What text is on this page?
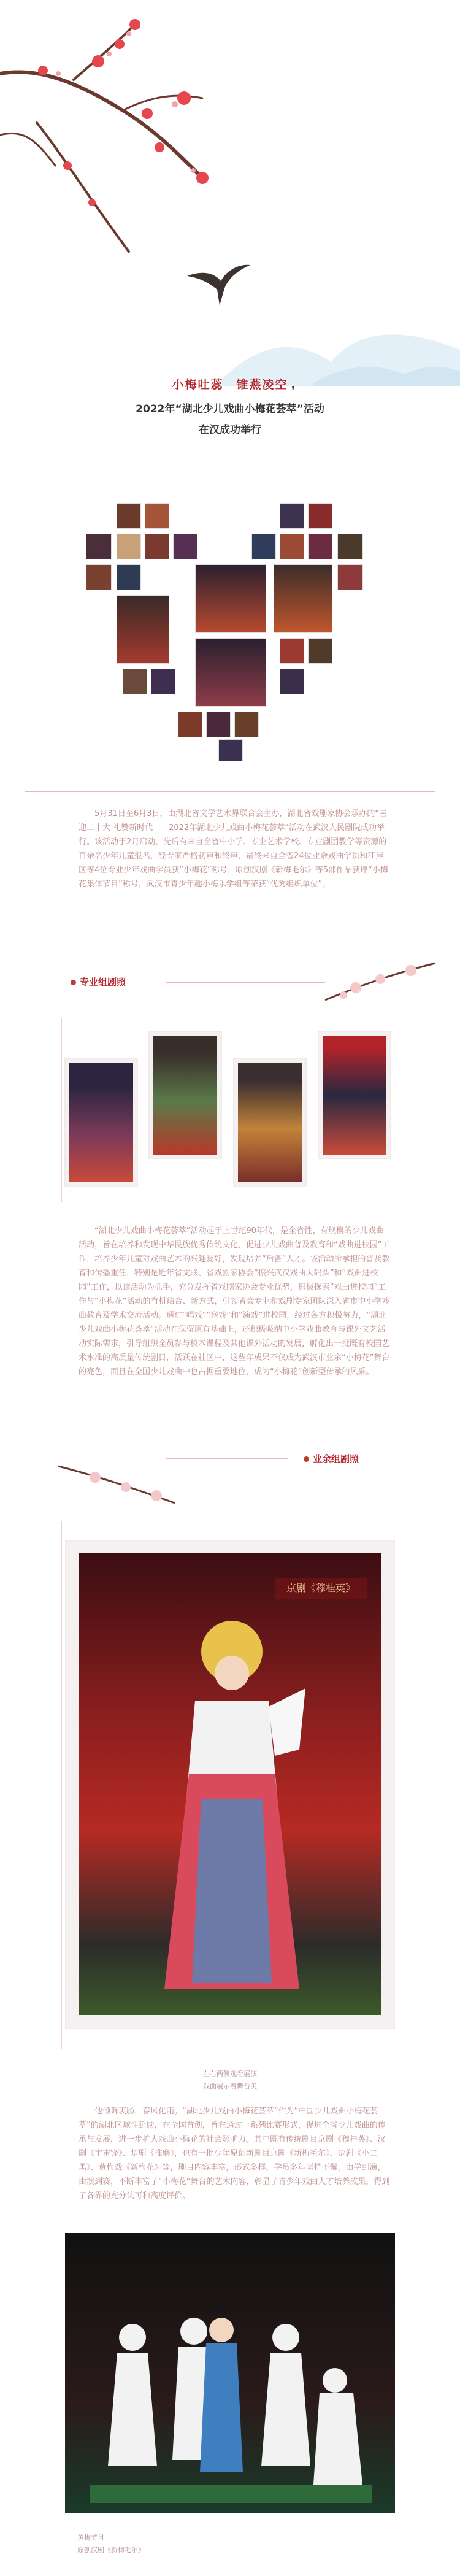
小梅吐蕊　锥燕凌空
2022年“湖北少儿戏曲小梅花荟萃”活动
在汉成功举行

5月31日至6月3日，由湖北省文学艺术界联合会主办，湖北省戏剧家协会承办的“喜迎二十大 礼赞新时代——2022年湖北少儿戏曲小梅花荟萃”活动在武汉人民剧院成功举行。该活动于2月启动，先后有来自全省中小学、专业艺术学校、专业剧团教学等资源的百余名少年儿童报名，经专家严格初审和终审，最终来自全省24位业余戏曲学员和江岸区等4位专业少年戏曲学员获“小梅花”称号，原创汉剧《新梅毛尔》等5部作品获评“小梅花集体节目”称号，武汉市青少年趣小梅乐学组等荣获“优秀组织单位”。

专业组剧照

“湖北少儿戏曲小梅花荟萃”活动起于上世纪90年代，是全省性、有规模的少儿戏曲活动，旨在培养和发现中华民族优秀传统文化，促进少儿戏曲普及教育和“戏曲进校园”工作，培养少年儿童对戏曲艺术的兴趣爱好，发现培养“后备”人才。该活动所承担的普及教育和传播重任，特别是近年省文联、省戏剧家协会“振兴武汉戏曲大码头”和“戏曲进校园”工作，以该活动为抓手，充分发挥省戏剧家协会专业优势，积极探索“戏曲进校园”工作与“小梅花”活动的有机结合、新方式，引领省会专业和戏剧专家团队深入省市中小学戏曲教育及学术交流活动。通过“唱戏”“送戏”和“演戏”进校园，经过各方积极努力，“湖北少儿戏曲小梅花荟萃”活动在保留原有基础上，还积极吸纳中小学戏曲教育与课外文艺活动实际需求，引导组织全员参与校本课程及其他课外活动的发展，孵化出一批既有校园艺术水准的高质量传统剧目，活跃在社区中，这些年成果不仅成为武汉市业余“小梅花”舞台的亮色，而且在全国少儿戏曲中也占据重要地位，成为“小梅花”创新型传承的风采。

业余组剧照
京剧《穆桂英》
左右两侧观看展演
戏曲展示着舞台美

他倾诉衷肠，春风化雨。“湖北少儿戏曲小梅花荟萃”作为“中国少儿戏曲小梅花荟萃”的湖北区域性延续，在全国首创，旨在通过一系列比赛形式，促进全省少儿戏曲的传承与发展，进一步扩大戏曲小梅花的社会影响力。其中既有传统剧目京剧《穆桂英》、汉剧《宇宙锋》、楚剧《推磨》，也有一批少年原创新剧目京剧《新梅毛尔》、楚剧《小二黑》、黄梅戏《新梅花》等，剧目内容丰富，形式多样，学员多年坚持不懈，由学到演，由演到赛，不断丰富了“小梅花”舞台的艺术内容，彰显了青少年戏曲人才培养成果，得到了各界的充分认可和高度评价。

黄梅节目
原创汉剧《新梅毛尔》
